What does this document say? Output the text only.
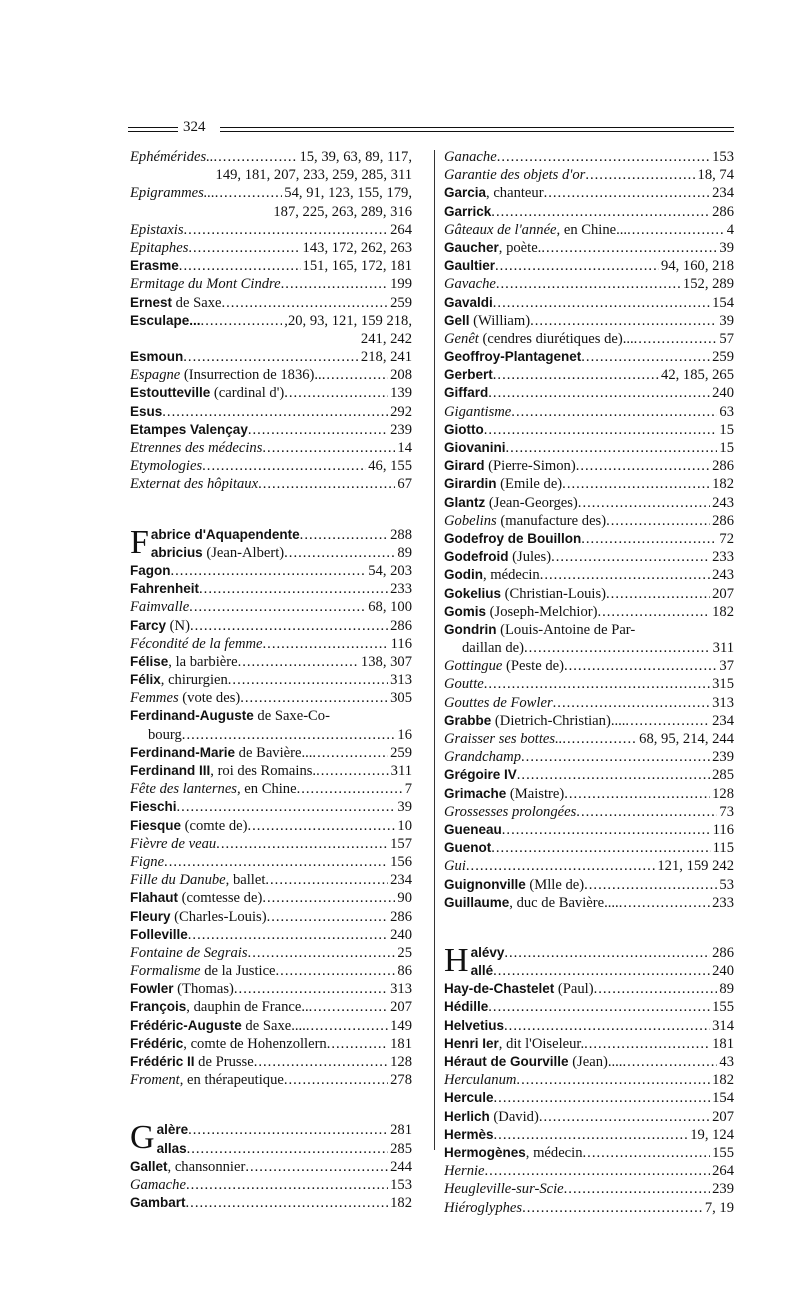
324
Ephémérides.. .....	15, 39, 63, 89, 117,
149, 181, 207, 233, 259, 285, 311
Epigrammes... .....	54, 91, 123, 155, 179,
187, 225, 263, 289, 316
Epistaxis .....	264
Epitaphes .....	143, 172, 262, 263
Erasme .....	151, 165, 172, 181
Ermitage du Mont Cindre .....	199
Ernest de Saxe .....	259
Esculape... .....	,20, 93, 121, 159 218,
241, 242
Esmoun .....	218, 241
Espagne (Insurrection de 1836).. .....	208
Estoutteville (cardinal d') .....	139
Esus .....	292
Etampes Valençay .....	239
Etrennes des médecins .....	14
Etymologies .....	46, 155
Externat des hôpitaux .....	67
F abrice d'Aquapendente .....	288
abricius (Jean-Albert) .....	89
Fagon .....	54, 203
Fahrenheit .....	233
Faimvalle .....	68, 100
Farcy (N) .....	286
Fécondité de la femme .....	116
Félise, la barbière .....	138, 307
Félix, chirurgien .....	313
Femmes (vote des) .....	305
Ferdinand-Auguste de Saxe-Co-
bourg .....	16
Ferdinand-Marie de Bavière... .....	259
Ferdinand III, roi des Romains. .....	311
Fête des lanternes, en Chine .....	7
Fieschi .....	39
Fiesque (comte de) .....	10
Fièvre de veau .....	157
Figne .....	156
Fille du Danube, ballet .....	234
Flahaut (comtesse de) .....	90
Fleury (Charles-Louis) .....	286
Folleville .....	240
Fontaine de Segrais .....	25
Formalisme de la Justice .....	86
Fowler (Thomas) .....	313
François, dauphin de France.. .....	207
Frédéric-Auguste de Saxe.... .....	149
Frédéric, comte de Hohenzollern .....	181
Frédéric II de Prusse .....	128
Froment, en thérapeutique .....	278
G alère .....	281
allas .....	285
Gallet, chansonnier .....	244
Gamache .....	153
Gambart .....	182
Ganache .....	153
Garantie des objets d'or .....	18, 74
Garcia, chanteur .....	234
Garrick .....	286
Gâteaux de l'année, en Chine... .....	4
Gaucher, poète. .....	39
Gaultier .....	94, 160, 218
Gavache .....	152, 289
Gavaldi .....	154
Gell (William) .....	39
Genêt (cendres diurétiques de)... .....	57
Geoffroy-Plantagenet .....	259
Gerbert .....	42, 185, 265
Giffard .....	240
Gigantisme .....	63
Giotto .....	15
Giovanini .....	15
Girard (Pierre-Simon) .....	286
Girardin (Emile de) .....	182
Glantz (Jean-Georges) .....	243
Gobelins (manufacture des) .....	286
Godefroy de Bouillon .....	72
Godefroid (Jules) .....	233
Godin, médecin .....	243
Gokelius (Christian-Louis) .....	207
Gomis (Joseph-Melchior) .....	182
Gondrin (Louis-Antoine de Par-
daillan de) .....	311
Gottingue (Peste de) .....	37
Goutte .....	315
Gouttes de Fowler .....	313
Grabbe (Dietrich-Christian).... .....	234
Graisser ses bottes.. .....	68, 95, 214, 244
Grandchamp .....	239
Grégoire IV .....	285
Grimache (Maistre) .....	128
Grossesses prolongées .....	73
Gueneau .....	116
Guenot .....	115
Gui .....	121, 159 242
Guignonville (Mlle de) .....	53
Guillaume, duc de Bavière.... .....	233
H alévy .....	286
allé .....	240
Hay-de-Chastelet (Paul) .....	89
Hédille .....	155
Helvetius .....	314
Henri Ier, dit l'Oiseleur. .....	181
Héraut de Gourville (Jean).... .....	43
Herculanum .....	182
Hercule .....	154
Herlich (David) .....	207
Hermès .....	19, 124
Hermogènes, médecin .....	155
Hernie .....	264
Heugleville-sur-Scie .....	239
Hiéroglyphes .....	7, 19
